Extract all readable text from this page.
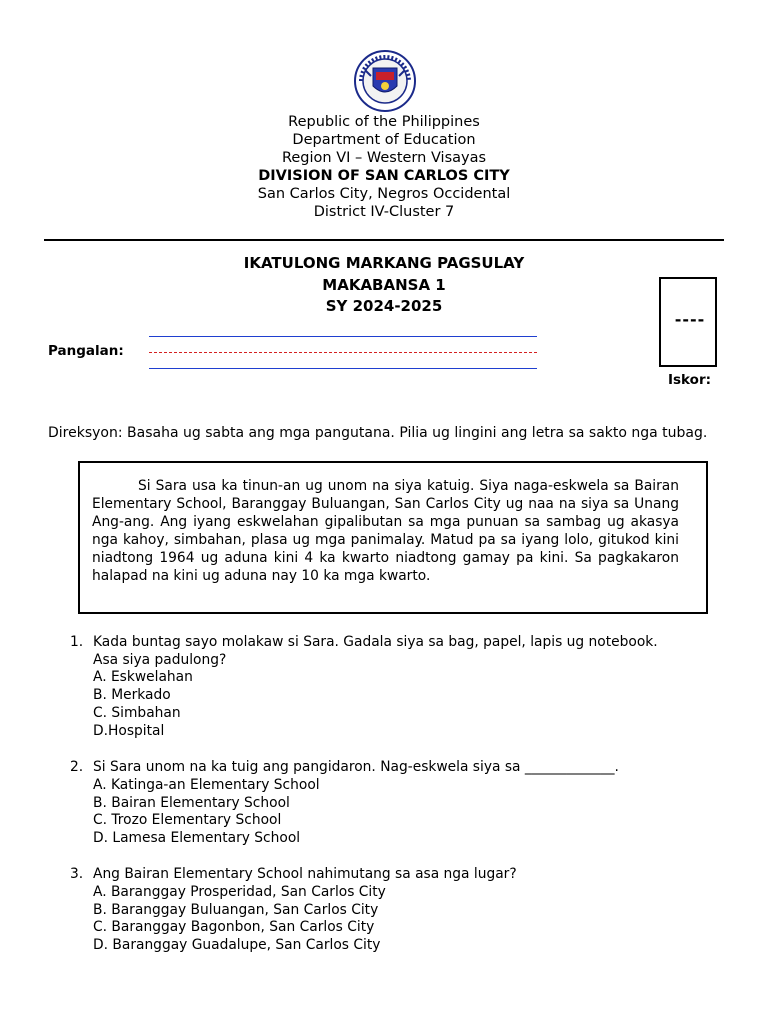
Republic of the Philippines
Department of Education
Region VI – Western Visayas
DIVISION OF SAN CARLOS CITY
San Carlos City, Negros Occidental
District IV-Cluster 7
IKATULONG MARKANG PAGSULAY
MAKABANSA 1
SY 2024-2025
----
Iskor:
Pangalan:
Direksyon: Basaha ug sabta ang mga pangutana. Pilia ug lingini ang letra sa sakto nga tubag.
Si Sara usa ka tinun-an ug unom na siya katuig. Siya naga-eskwela sa Bairan Elementary School, Baranggay Buluangan, San Carlos City ug naa na siya sa Unang Ang-ang. Ang iyang eskwelahan gipalibutan sa mga punuan sa sambag ug akasya nga kahoy, simbahan, plasa ug mga panimalay. Matud pa sa iyang lolo, gitukod kini niadtong 1964 ug aduna kini 4 ka kwarto niadtong gamay pa kini. Sa pagkakaron halapad na kini ug aduna nay 10 ka mga kwarto.
1. Kada buntag sayo molakaw si Sara. Gadala siya sa bag, papel, lapis ug notebook.
Asa siya padulong?
A. Eskwelahan
B. Merkado
C. Simbahan
D.Hospital
2. Si Sara unom na ka tuig ang pangidaron. Nag-eskwela siya sa _____________.
A. Katinga-an Elementary School
B. Bairan Elementary School
C. Trozo Elementary School
D. Lamesa Elementary School
3. Ang Bairan Elementary School nahimutang sa asa nga lugar?
A. Baranggay Prosperidad, San Carlos City
B. Baranggay Buluangan, San Carlos City
C. Baranggay Bagonbon, San Carlos City
D. Baranggay Guadalupe, San Carlos City
